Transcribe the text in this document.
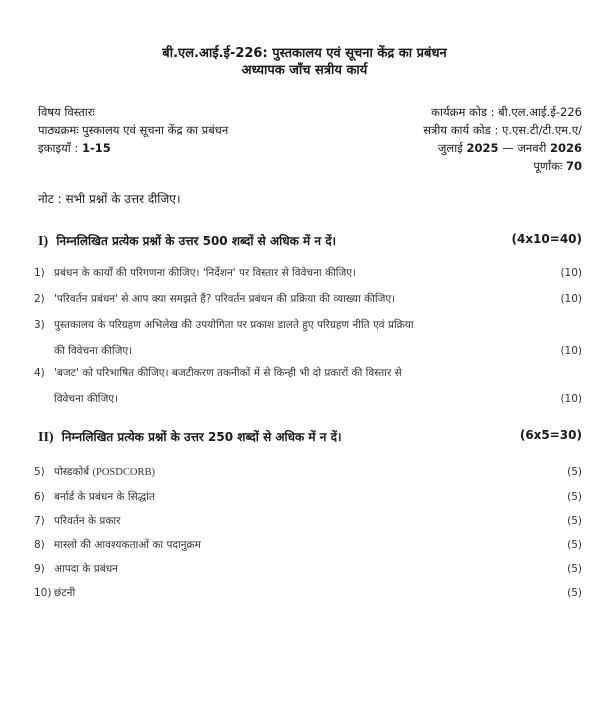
बी.एल.आई.ई-226: पुस्तकालय एवं सूचना केंद्र का प्रबंधन
अध्यापक जाँच सत्रीय कार्य
विषय विस्तारः
पाठ्यक्रमः पुस्कालय एवं सूचना केंद्र का प्रबंधन
इकाइयाँ : 1-15
कार्यक्रम कोड : बी.एल.आई.ई-226
सत्रीय कार्य कोड : ए.एस.टी/टी.एम.ए/
जुलाई 2025 — जनवरी 2026
पूर्णांकः 70
नोट : सभी प्रश्नों के उत्तर दीजिए।
I) निम्नलिखित प्रत्येक प्रश्नों के उत्तर 500 शब्दों से अधिक में न दें।	(4x10=40)
1) प्रबंधन के कार्यों की परिगणना कीजिए। 'निर्देशन' पर विस्तार से विवेचना कीजिए।	(10)
2) 'परिवर्तन प्रबंधन' से आप क्या समझते हैं? परिवर्तन प्रबंधन की प्रक्रिया की व्याख्या कीजिए।	(10)
3) पुस्तकालय के परिग्रहण अभिलेख की उपयोगिता पर प्रकाश डालते हुए परिग्रहण नीति एवं प्रक्रिया
की विवेचना कीजिए।	(10)
4) 'बजट' को परिभाषित कीजिए। बजटीकरण तकनीकों में से किन्ही भी दो प्रकारों की विस्तार से
विवेचना कीजिए।	(10)
II) निम्नलिखित प्रत्येक प्रश्नों के उत्तर 250 शब्दों से अधिक में न दें।	(6x5=30)
5) पोस्डकोर्ब (POSDCORB)	(5)
6) बर्नार्ड के प्रबंधन के सिद्धांत	(5)
7) परिवर्तन के प्रकार	(5)
8) मास्लो की आवश्यकताओं का पदानुक्रम	(5)
9) आपदा के प्रबंधन	(5)
10) छंटनी	(5)
